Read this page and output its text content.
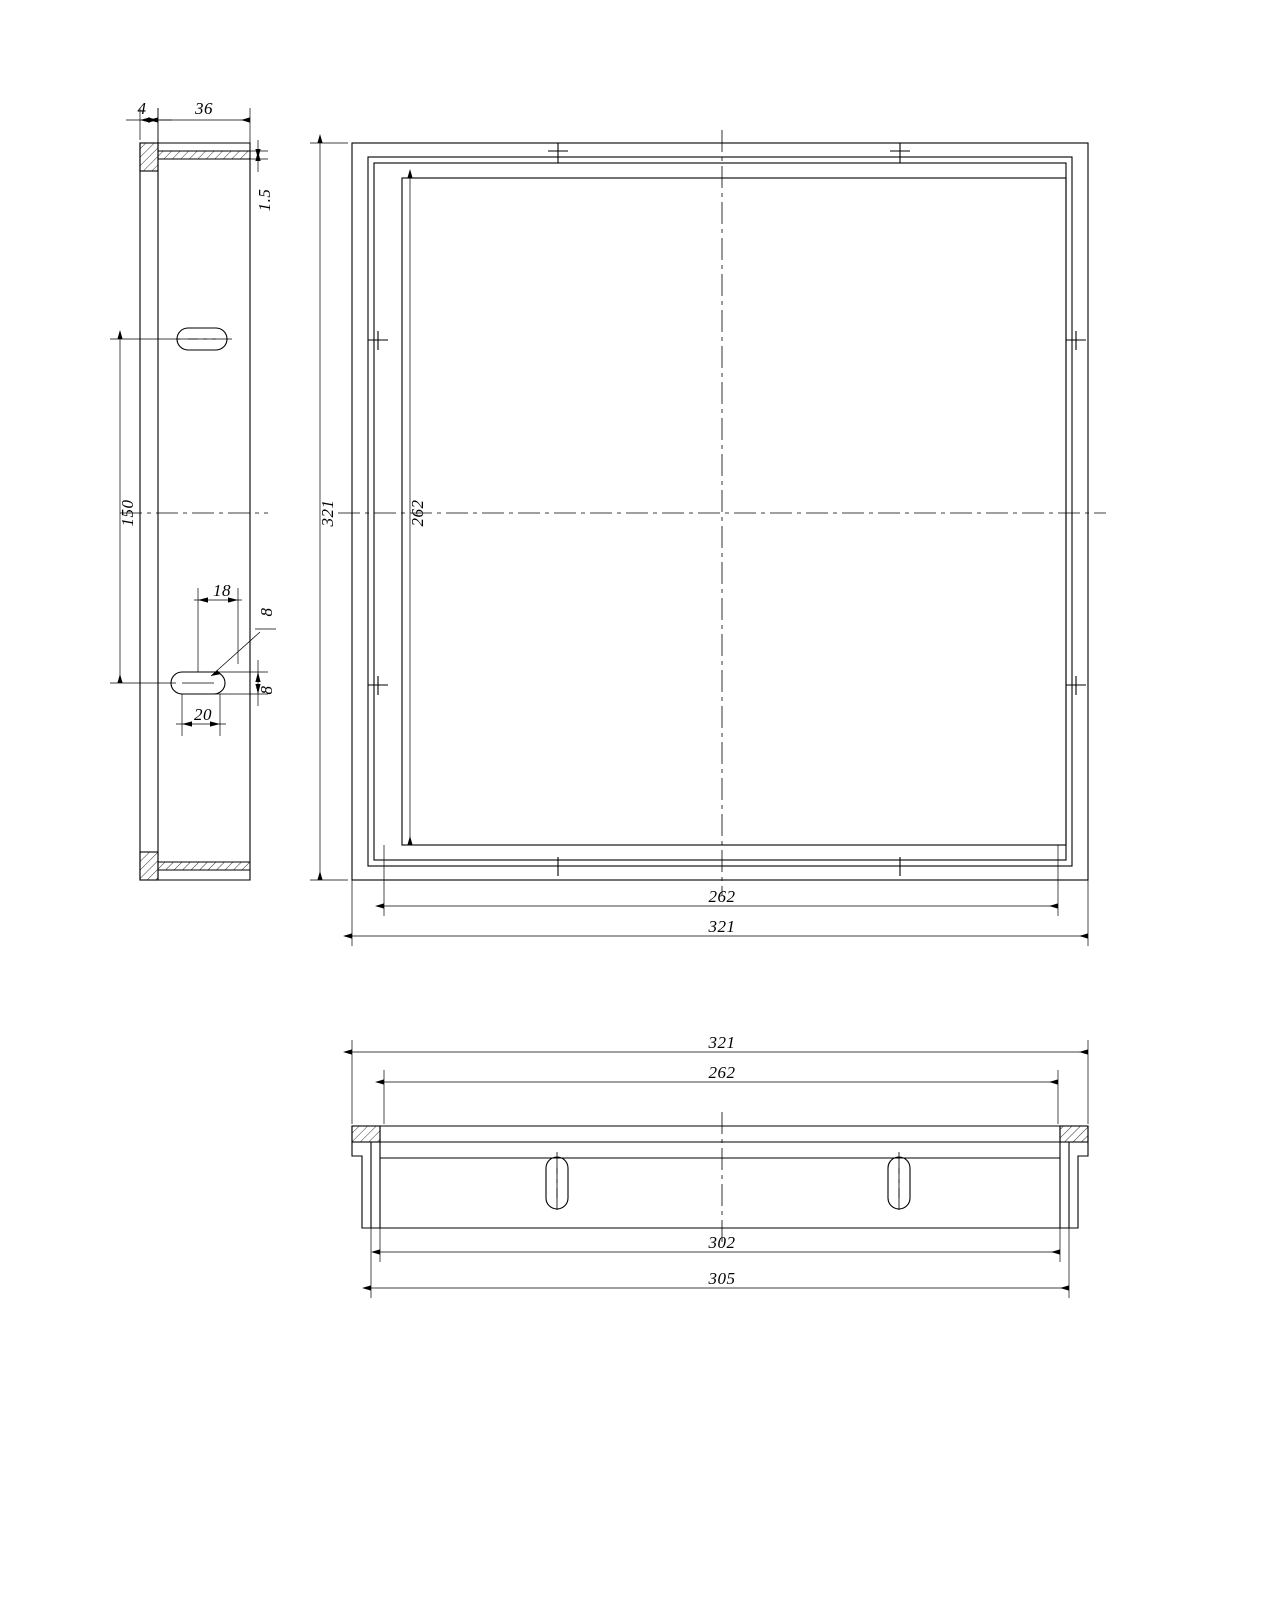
4	36
1.5
150
18
8
8
20
321	262
262
321
321
262
302
305
